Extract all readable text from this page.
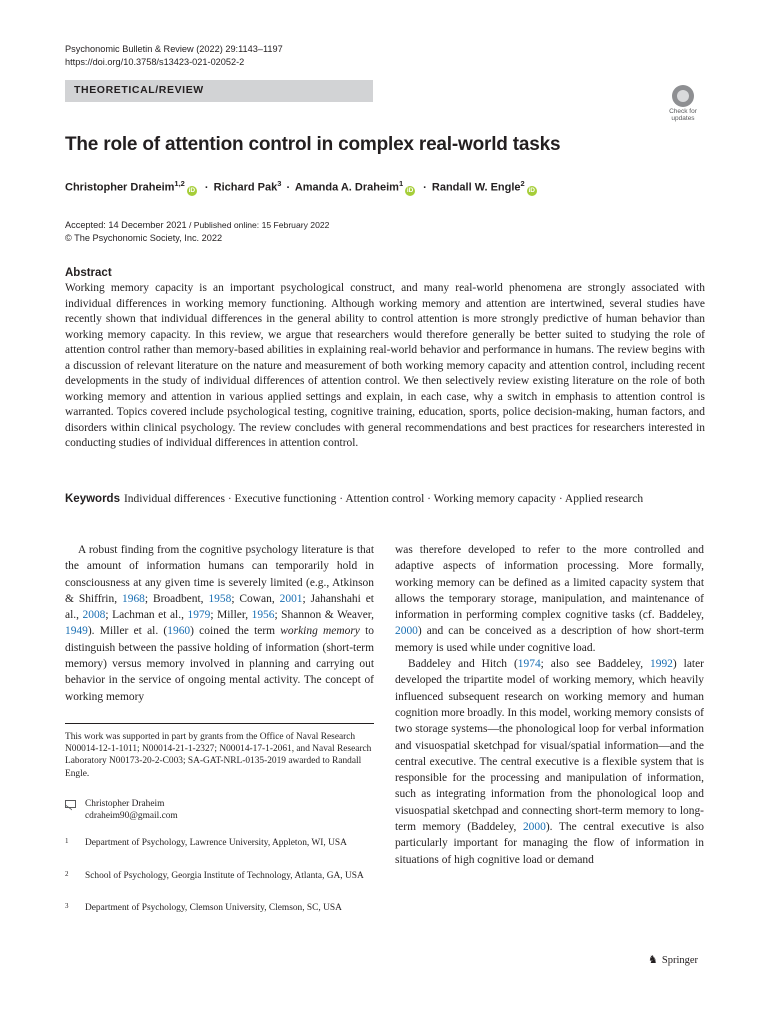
Psychonomic Bulletin & Review (2022) 29:1143–1197
https://doi.org/10.3758/s13423-021-02052-2
THEORETICAL/REVIEW
Check for
updates
The role of attention control in complex real-world tasks
Christopher Draheim$^{1,2}$iD · Richard Pak$^3$ · Amanda A. Draheim$^1$iD · Randall W. Engle$^2$iD
Accepted: 14 December 2021 / Published online: 15 February 2022
© The Psychonomic Society, Inc. 2022
Abstract
Working memory capacity is an important psychological construct, and many real-world phenomena are strongly associated with individual differences in working memory functioning. Although working memory and attention are intertwined, several studies have recently shown that individual differences in the general ability to control attention is more strongly predictive of human behavior than working memory capacity. In this review, we argue that researchers would therefore generally be better suited to studying the role of attention control rather than memory-based abilities in explaining real-world behavior and performance in humans. The review begins with a discussion of relevant literature on the nature and measurement of both working memory capacity and attention control, including recent developments in the study of individual differences of attention control. We then selectively review existing literature on the role of both working memory and attention in various applied settings and explain, in each case, why a switch in emphasis to attention control is warranted. Topics covered include psychological testing, cognitive training, education, sports, police decision-making, human factors, and disorders within clinical psychology. The review concludes with general recommendations and best practices for researchers interested in conducting studies of individual differences in attention control.
Keywords Individual differences · Executive functioning · Attention control · Working memory capacity · Applied research

A robust finding from the cognitive psychology literature is that the amount of information humans can temporarily hold in consciousness at any given time is severely limited (e.g., Atkinson & Shiffrin, 1968; Broadbent, 1958; Cowan, 2001; Jahanshahi et al., 2008; Lachman et al., 1979; Miller, 1956; Shannon & Weaver, 1949). Miller et al. (1960) coined the term working memory to distinguish between the passive holding of information (short-term memory) versus memory involved in planning and carrying out behavior in the service of ongoing mental activity. The concept of working memory

was therefore developed to refer to the more controlled and adaptive aspects of information processing. More formally, working memory can be defined as a limited capacity system that allows the temporary storage, manipulation, and maintenance of information in performing complex cognitive tasks (cf. Baddeley, 2000) and can be conceived as a description of how short-term memory is used while under cognitive load.

Baddeley and Hitch (1974; also see Baddeley, 1992) later developed the tripartite model of working memory, which heavily influenced subsequent research on working memory and human cognition more broadly. In this model, working memory consists of two storage systems—the phonological loop for verbal information and visuospatial sketchpad for visual/spatial information—and the central executive. The central executive is a flexible system that is responsible for the processing and manipulation of information, such as integrating information from the phonological loop and visuospatial sketchpad and connecting short-term memory to long-term memory (Baddeley, 2000). The central executive is also particularly important for managing the flow of information in situations of high cognitive load or demand

This work was supported in part by grants from the Office of Naval Research N00014-12-1-1011; N00014-21-1-2327; N00014-17-1-2061, and Naval Research Laboratory N00173-20-2-C003; SA-GAT-NRL-0135-2019 awarded to Randall Engle.
Christopher Draheim
cdraheim90@gmail.com
1 Department of Psychology, Lawrence University, Appleton, WI, USA
2 School of Psychology, Georgia Institute of Technology, Atlanta, GA, USA
3 Department of Psychology, Clemson University, Clemson, SC, USA
♞ Springer
